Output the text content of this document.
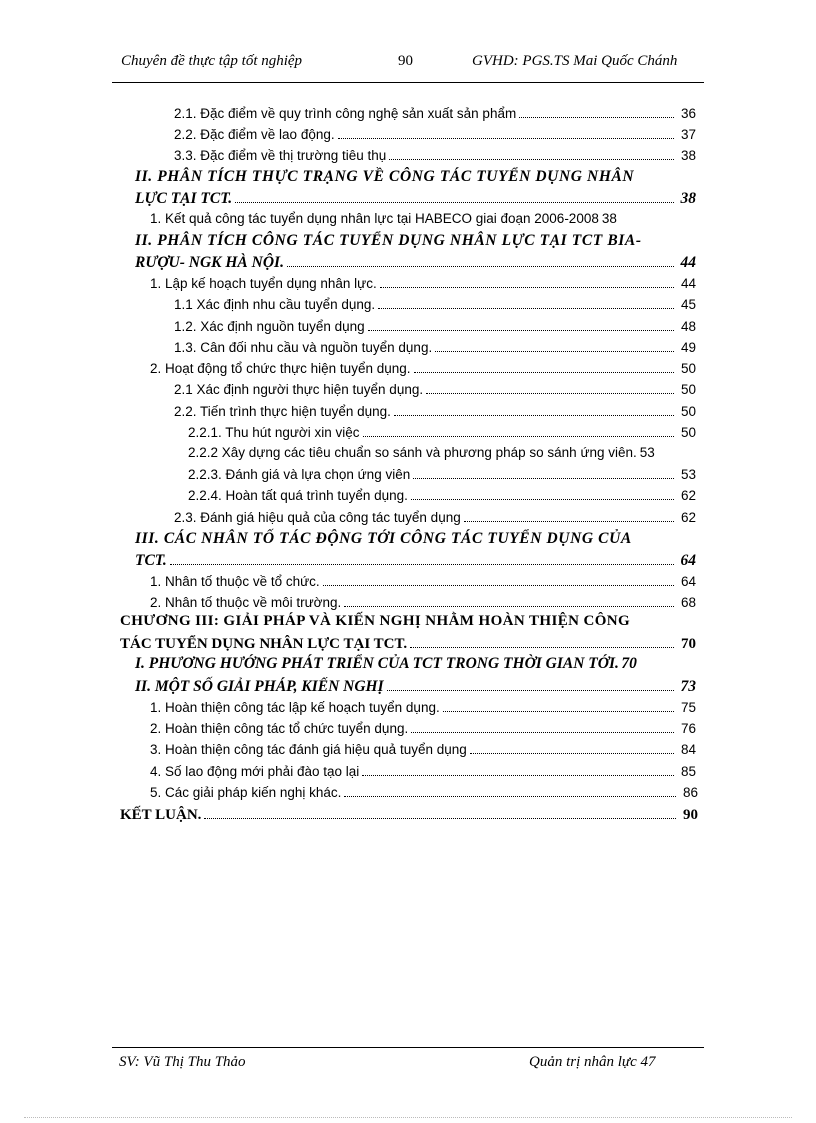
Chuyên đề thực tập tốt nghiệp	90	GVHD: PGS.TS Mai Quốc Chánh
2.1. Đặc điểm về quy trình công nghệ sản xuất sản phẩm	36
2.2. Đặc điểm về lao động.	37
3.3. Đặc điểm về thị trường tiêu thụ	38
II. PHÂN TÍCH THỰC TRẠNG VỀ CÔNG TÁC TUYỂN DỤNG NHÂN
LỰC TẠI TCT.	38
1. Kết quả công tác tuyển dụng nhân lực tại HABECO giai đoạn 2006-2008 38
II. PHÂN TÍCH CÔNG TÁC TUYỂN DỤNG NHÂN LỰC TẠI TCT BIA-
RƯỢU- NGK HÀ NỘI.	44
1. Lập kế hoạch tuyển dụng nhân lực.	44
1.1 Xác định nhu cầu tuyển dụng.	45
1.2. Xác định nguồn tuyển dụng	48
1.3. Cân đối nhu cầu và nguồn tuyển dụng.	49
2. Hoạt động tổ chức thực hiện tuyển dụng.	50
2.1 Xác định người thực hiện tuyển dụng.	50
2.2. Tiến trình thực hiện tuyển dụng.	50
2.2.1. Thu hút người xin việc	50
2.2.2 Xây dựng các tiêu chuẩn so sánh và phương pháp so sánh ứng viên. 53
2.2.3. Đánh giá và lựa chọn ứng viên	53
2.2.4. Hoàn tất quá trình tuyển dụng.	62
2.3. Đánh giá hiệu quả của công tác tuyển dụng	62
III. CÁC NHÂN TỐ TÁC ĐỘNG TỚI CÔNG TÁC TUYỂN DỤNG CỦA
TCT.	64
1. Nhân tố thuộc về tổ chức.	64
2. Nhân tố thuộc về môi trường.	68
CHƯƠNG III: GIẢI PHÁP VÀ KIẾN NGHỊ NHẰM HOÀN THIỆN CÔNG
TÁC TUYỂN DỤNG NHÂN LỰC TẠI TCT.	70
I. PHƯƠNG HƯỚNG PHÁT TRIỂN CỦA TCT TRONG THỜI GIAN TỚI. 70
II. MỘT SỐ GIẢI PHÁP, KIẾN NGHỊ	73
1. Hoàn thiện công tác lập kế hoạch tuyển dụng.	75
2. Hoàn thiện công tác tổ chức tuyển dụng.	76
3. Hoàn thiện công tác đánh giá hiệu quả tuyển dụng	84
4. Số lao động mới phải đào tạo lại	85
5. Các giải pháp kiến nghị khác.	86
KẾT LUẬN.	90
SV: Vũ Thị Thu Thảo	Quản trị nhân lực 47
